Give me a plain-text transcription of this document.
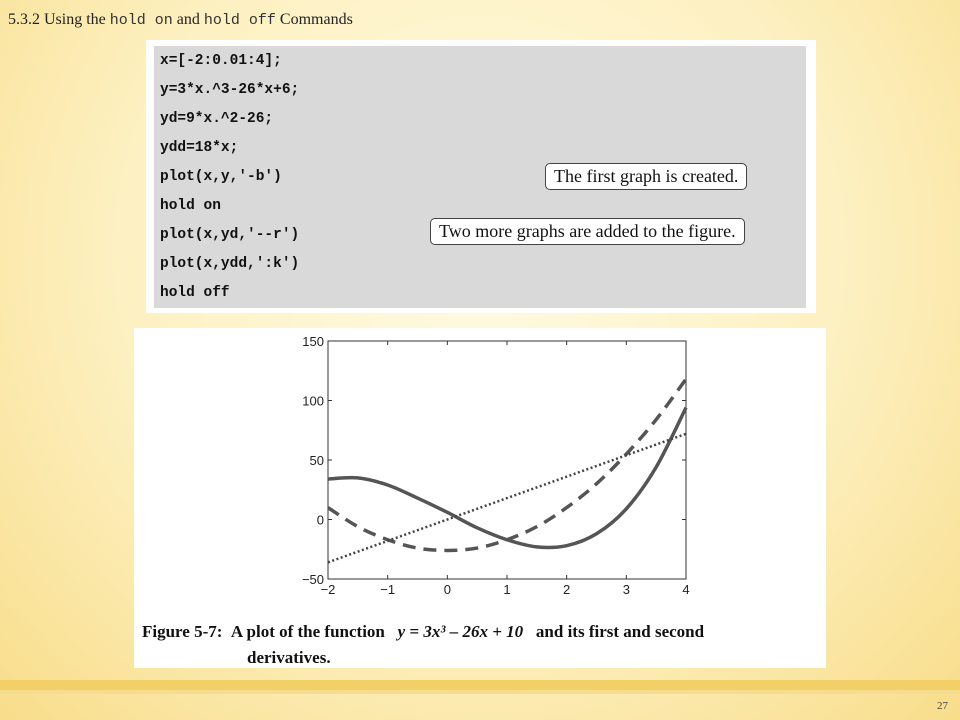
5.3.2 Using the hold on and hold off Commands
x=[-2:0.01:4];
y=3*x.^3-26*x+6;
yd=9*x.^2-26;
ydd=18*x;
plot(x,y,'-b')
hold on
plot(x,yd,'--r')
plot(x,ydd,':k')
hold off
The first graph is created.
Two more graphs are added to the figure.
−2	−1	0	1	2	3	4
−50
0
50
100
150
Figure 5-7: A plot of the function y = 3x³ – 26x + 10 and its first and second
derivatives.
27
